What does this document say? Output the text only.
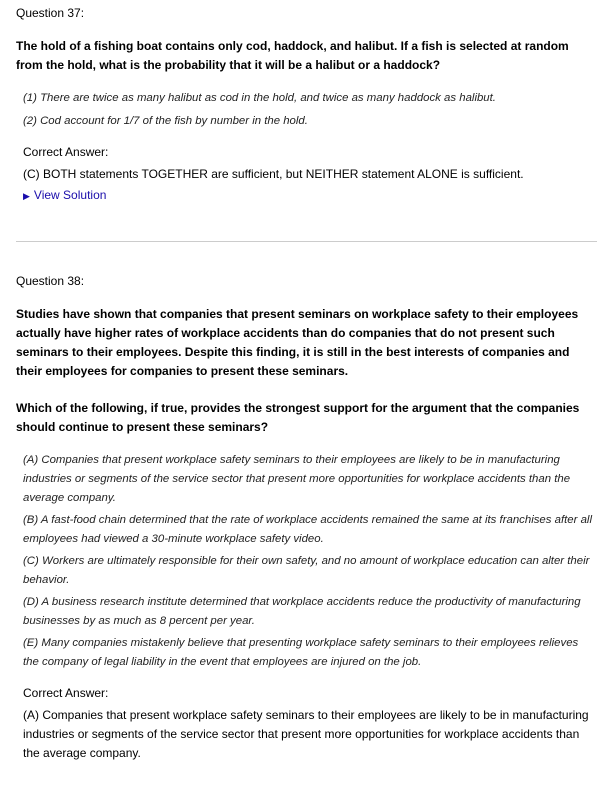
Question 37:

The hold of a fishing boat contains only cod, haddock, and halibut. If a fish is selected at random from the hold, what is the probability that it will be a halibut or a haddock?

(1) There are twice as many halibut as cod in the hold, and twice as many haddock as halibut.

(2) Cod account for 1/7 of the fish by number in the hold.

Correct Answer:

(C) BOTH statements TOGETHER are sufficient, but NEITHER statement ALONE is sufficient.

▶ View Solution

Question 38:

Studies have shown that companies that present seminars on workplace safety to their employees actually have higher rates of workplace accidents than do companies that do not present such seminars to their employees. Despite this finding, it is still in the best interests of companies and their employees for companies to present these seminars.

Which of the following, if true, provides the strongest support for the argument that the companies should continue to present these seminars?

(A) Companies that present workplace safety seminars to their employees are likely to be in manufacturing industries or segments of the service sector that present more opportunities for workplace accidents than the average company.

(B) A fast-food chain determined that the rate of workplace accidents remained the same at its franchises after all employees had viewed a 30-minute workplace safety video.

(C) Workers are ultimately responsible for their own safety, and no amount of workplace education can alter their behavior.

(D) A business research institute determined that workplace accidents reduce the productivity of manufacturing businesses by as much as 8 percent per year.

(E) Many companies mistakenly believe that presenting workplace safety seminars to their employees relieves the company of legal liability in the event that employees are injured on the job.

Correct Answer:

(A) Companies that present workplace safety seminars to their employees are likely to be in manufacturing industries or segments of the service sector that present more opportunities for workplace accidents than the average company.
